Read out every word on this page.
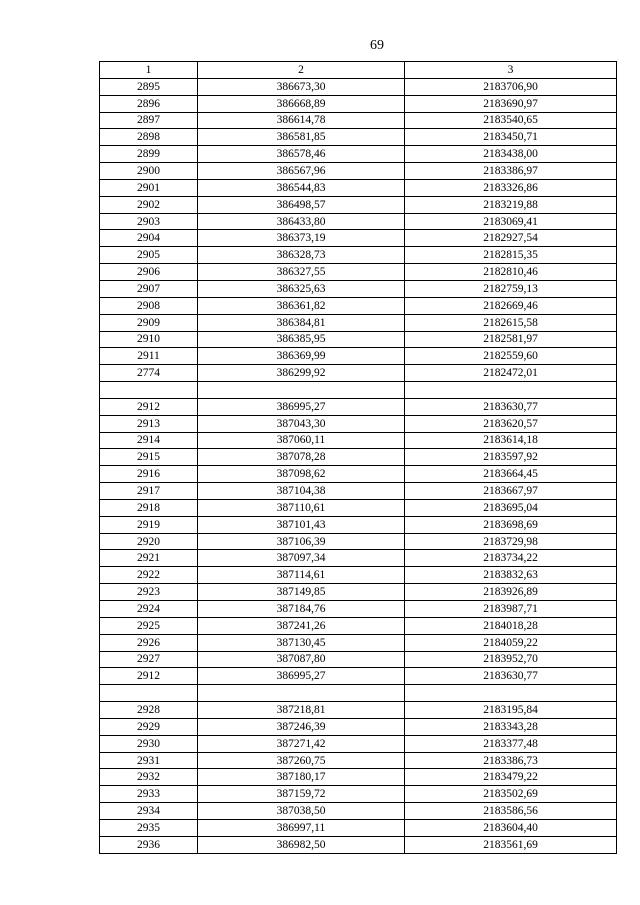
69
1	2	3
2895	386673,30	2183706,90
2896	386668,89	2183690,97
2897	386614,78	2183540,65
2898	386581,85	2183450,71
2899	386578,46	2183438,00
2900	386567,96	2183386,97
2901	386544,83	2183326,86
2902	386498,57	2183219,88
2903	386433,80	2183069,41
2904	386373,19	2182927,54
2905	386328,73	2182815,35
2906	386327,55	2182810,46
2907	386325,63	2182759,13
2908	386361,82	2182669,46
2909	386384,81	2182615,58
2910	386385,95	2182581,97
2911	386369,99	2182559,60
2774	386299,92	2182472,01

2912	386995,27	2183630,77
2913	387043,30	2183620,57
2914	387060,11	2183614,18
2915	387078,28	2183597,92
2916	387098,62	2183664,45
2917	387104,38	2183667,97
2918	387110,61	2183695,04
2919	387101,43	2183698,69
2920	387106,39	2183729,98
2921	387097,34	2183734,22
2922	387114,61	2183832,63
2923	387149,85	2183926,89
2924	387184,76	2183987,71
2925	387241,26	2184018,28
2926	387130,45	2184059,22
2927	387087,80	2183952,70
2912	386995,27	2183630,77

2928	387218,81	2183195,84
2929	387246,39	2183343,28
2930	387271,42	2183377,48
2931	387260,75	2183386,73
2932	387180,17	2183479,22
2933	387159,72	2183502,69
2934	387038,50	2183586,56
2935	386997,11	2183604,40
2936	386982,50	2183561,69
